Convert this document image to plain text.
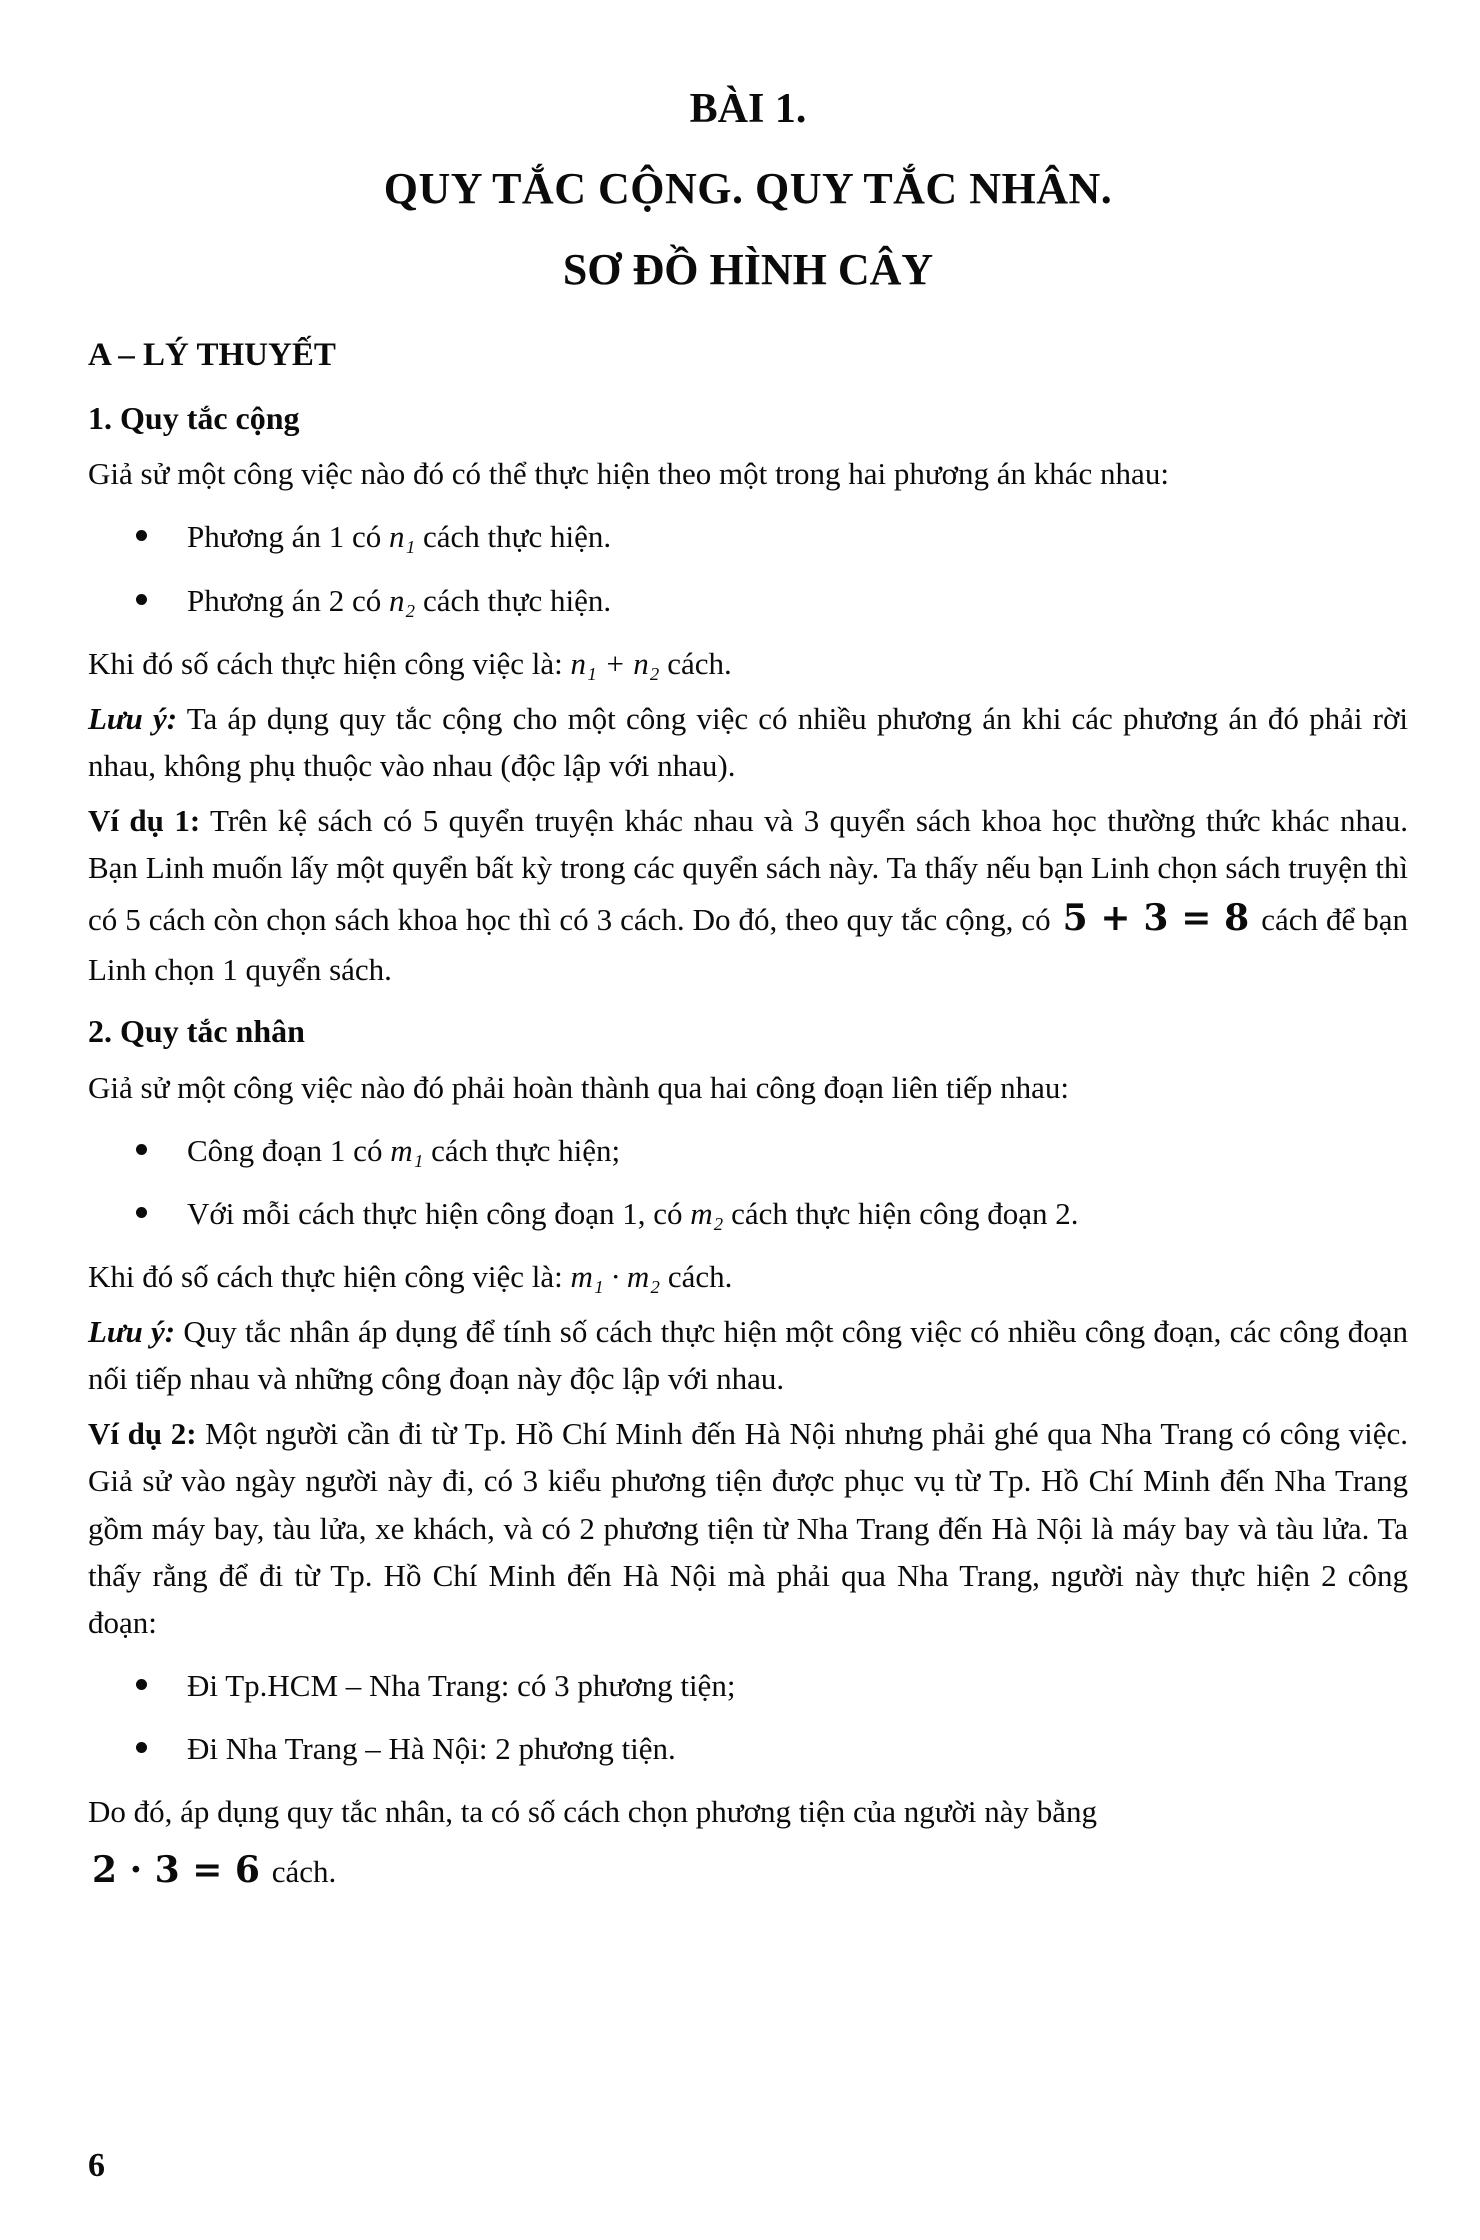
BÀI 1.
QUY TẮC CỘNG. QUY TẮC NHÂN.
SƠ ĐỒ HÌNH CÂY
A – LÝ THUYẾT
1. Quy tắc cộng

Giả sử một công việc nào đó có thể thực hiện theo một trong hai phương án khác nhau:

Phương án 1 có n₁ cách thực hiện.
Phương án 2 có n₂ cách thực hiện.

Khi đó số cách thực hiện công việc là: n₁ + n₂ cách.

Lưu ý: Ta áp dụng quy tắc cộng cho một công việc có nhiều phương án khi các phương án đó phải rời nhau, không phụ thuộc vào nhau (độc lập với nhau).

Ví dụ 1: Trên kệ sách có 5 quyển truyện khác nhau và 3 quyển sách khoa học thường thức khác nhau. Bạn Linh muốn lấy một quyển bất kỳ trong các quyển sách này. Ta thấy nếu bạn Linh chọn sách truyện thì có 5 cách còn chọn sách khoa học thì có 3 cách. Do đó, theo quy tắc cộng, có 5 + 3 = 8 cách để bạn Linh chọn 1 quyển sách.

2. Quy tắc nhân

Giả sử một công việc nào đó phải hoàn thành qua hai công đoạn liên tiếp nhau:

Công đoạn 1 có m₁ cách thực hiện;
Với mỗi cách thực hiện công đoạn 1, có m₂ cách thực hiện công đoạn 2.

Khi đó số cách thực hiện công việc là: m₁ · m₂ cách.

Lưu ý: Quy tắc nhân áp dụng để tính số cách thực hiện một công việc có nhiều công đoạn, các công đoạn nối tiếp nhau và những công đoạn này độc lập với nhau.

Ví dụ 2: Một người cần đi từ Tp. Hồ Chí Minh đến Hà Nội nhưng phải ghé qua Nha Trang có công việc. Giả sử vào ngày người này đi, có 3 kiểu phương tiện được phục vụ từ Tp. Hồ Chí Minh đến Nha Trang gồm máy bay, tàu lửa, xe khách, và có 2 phương tiện từ Nha Trang đến Hà Nội là máy bay và tàu lửa. Ta thấy rằng để đi từ Tp. Hồ Chí Minh đến Hà Nội mà phải qua Nha Trang, người này thực hiện 2 công đoạn:

Đi Tp.HCM – Nha Trang: có 3 phương tiện;
Đi Nha Trang – Hà Nội: 2 phương tiện.

Do đó, áp dụng quy tắc nhân, ta có số cách chọn phương tiện của người này bằng

2 · 3 = 6 cách.

6
